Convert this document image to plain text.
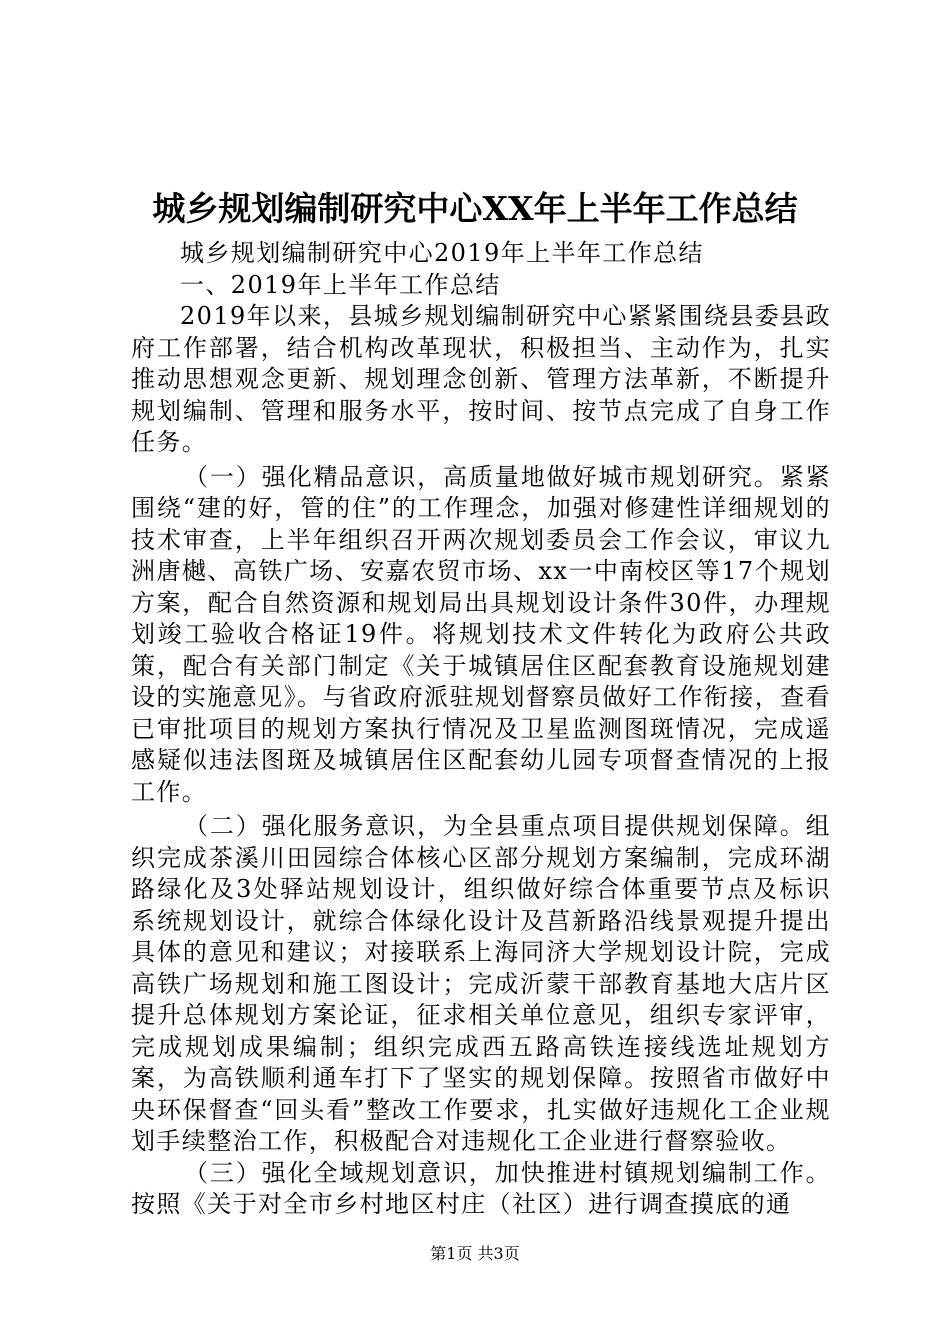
城乡规划编制研究中心XX年上半年工作总结

城乡规划编制研究中心2019年上半年工作总结

一、2019年上半年工作总结

2019年以来，县城乡规划编制研究中心紧紧围绕县委县政府工作部署，结合机构改革现状，积极担当、主动作为，扎实推动思想观念更新、规划理念创新、管理方法革新，不断提升规划编制、管理和服务水平，按时间、按节点完成了自身工作任务。

（一）强化精品意识，高质量地做好城市规划研究。紧紧围绕“建的好，管的住”的工作理念，加强对修建性详细规划的技术审查，上半年组织召开两次规划委员会工作会议，审议九洲唐樾、高铁广场、安嘉农贸市场、xx一中南校区等17个规划方案，配合自然资源和规划局出具规划设计条件30件，办理规划竣工验收合格证19件。将规划技术文件转化为政府公共政策，配合有关部门制定《关于城镇居住区配套教育设施规划建设的实施意见》。与省政府派驻规划督察员做好工作衔接，查看已审批项目的规划方案执行情况及卫星监测图斑情况，完成遥感疑似违法图斑及城镇居住区配套幼儿园专项督查情况的上报工作。

（二）强化服务意识，为全县重点项目提供规划保障。组织完成茶溪川田园综合体核心区部分规划方案编制，完成环湖路绿化及3处驿站规划设计，组织做好综合体重要节点及标识系统规划设计，就综合体绿化设计及莒新路沿线景观提升提出具体的意见和建议；对接联系上海同济大学规划设计院，完成高铁广场规划和施工图设计；完成沂蒙干部教育基地大店片区提升总体规划方案论证，征求相关单位意见，组织专家评审，完成规划成果编制；组织完成西五路高铁连接线选址规划方案，为高铁顺利通车打下了坚实的规划保障。按照省市做好中央环保督查“回头看”整改工作要求，扎实做好违规化工企业规划手续整治工作，积极配合对违规化工企业进行督察验收。

（三）强化全域规划意识，加快推进村镇规划编制工作。按照《关于对全市乡村地区村庄（社区）进行调查摸底的通

第1页 共3页
